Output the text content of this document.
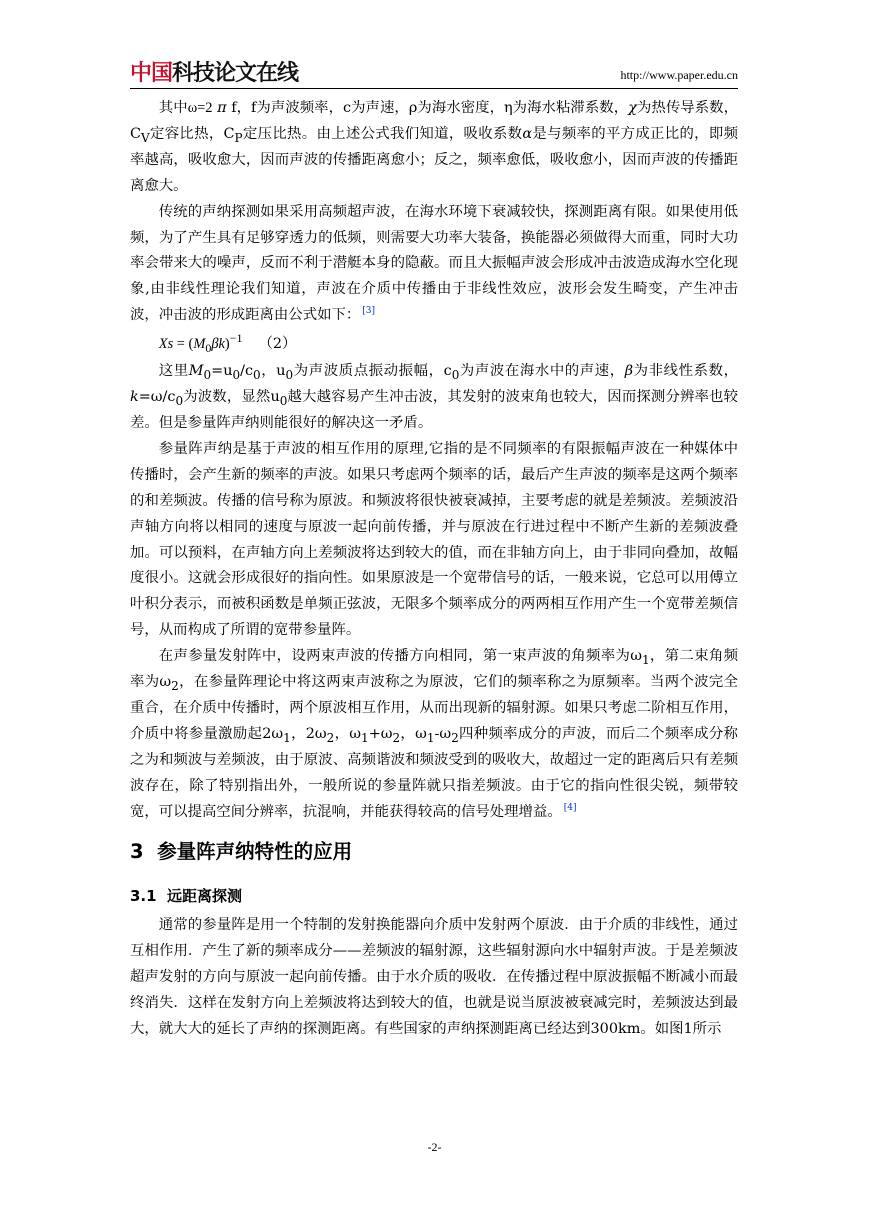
中国科技论文在线	http://www.paper.edu.cn

其中ω=2 π f，f为声波频率，c为声速，ρ为海水密度，η为海水粘滞系数，χ为热传导系数，$C_V$定容比热，$C_P$定压比热。由上述公式我们知道，吸收系数α是与频率的平方成正比的，即频率越高，吸收愈大，因而声波的传播距离愈小；反之，频率愈低，吸收愈小，因而声波的传播距离愈大。

传统的声纳探测如果采用高频超声波，在海水环境下衰减较快，探测距离有限。如果使用低频，为了产生具有足够穿透力的低频，则需要大功率大装备，换能器必须做得大而重，同时大功率会带来大的噪声，反而不利于潜艇本身的隐蔽。而且大振幅声波会形成冲击波造成海水空化现象,由非线性理论我们知道，声波在介质中传播由于非线性效应，波形会发生畸变，产生冲击波，冲击波的形成距离由公式如下： [3]

$Xs = (M_0\beta k)^{-1}$ （2）

这里$M_0=u_0/c_0$，$u_0$为声波质点振动振幅，$c_0$为声波在海水中的声速，β为非线性系数，$k=\omega/c_0$为波数，显然$u_0$越大越容易产生冲击波，其发射的波束角也较大，因而探测分辨率也较差。但是参量阵声纳则能很好的解决这一矛盾。

参量阵声纳是基于声波的相互作用的原理,它指的是不同频率的有限振幅声波在一种媒体中传播时，会产生新的频率的声波。如果只考虑两个频率的话，最后产生声波的频率是这两个频率的和差频波。传播的信号称为原波。和频波将很快被衰减掉，主要考虑的就是差频波。差频波沿声轴方向将以相同的速度与原波一起向前传播，并与原波在行进过程中不断产生新的差频波叠加。可以预料，在声轴方向上差频波将达到较大的值，而在非轴方向上，由于非同向叠加，故幅度很小。这就会形成很好的指向性。如果原波是一个宽带信号的话，一般来说，它总可以用傅立叶积分表示，而被积函数是单频正弦波，无限多个频率成分的两两相互作用产生一个宽带差频信号，从而构成了所谓的宽带参量阵。

在声参量发射阵中，设两束声波的传播方向相同，第一束声波的角频率为$\omega_1$，第二束角频率为$\omega_2$，在参量阵理论中将这两束声波称之为原波，它们的频率称之为原频率。当两个波完全重合，在介质中传播时，两个原波相互作用，从而出现新的辐射源。如果只考虑二阶相互作用，介质中将参量激励起$2\omega_1$，$2\omega_2$，$\omega_1+\omega_2$，$\omega_1-\omega_2$四种频率成分的声波，而后二个频率成分称之为和频波与差频波，由于原波、高频谐波和频波受到的吸收大，故超过一定的距离后只有差频波存在，除了特别指出外，一般所说的参量阵就只指差频波。由于它的指向性很尖锐，频带较宽，可以提高空间分辨率，抗混响，并能获得较高的信号处理增益。 [4]

3 参量阵声纳特性的应用
3.1 远距离探测

通常的参量阵是用一个特制的发射换能器向介质中发射两个原波．由于介质的非线性，通过互相作用．产生了新的频率成分——差频波的辐射源，这些辐射源向水中辐射声波。于是差频波超声发射的方向与原波一起向前传播。由于水介质的吸收．在传播过程中原波振幅不断减小而最终消失．这样在发射方向上差频波将达到较大的值，也就是说当原波被衰减完时，差频波达到最大，就大大的延长了声纳的探测距离。有些国家的声纳探测距离已经达到300km。如图1所示

-2-
